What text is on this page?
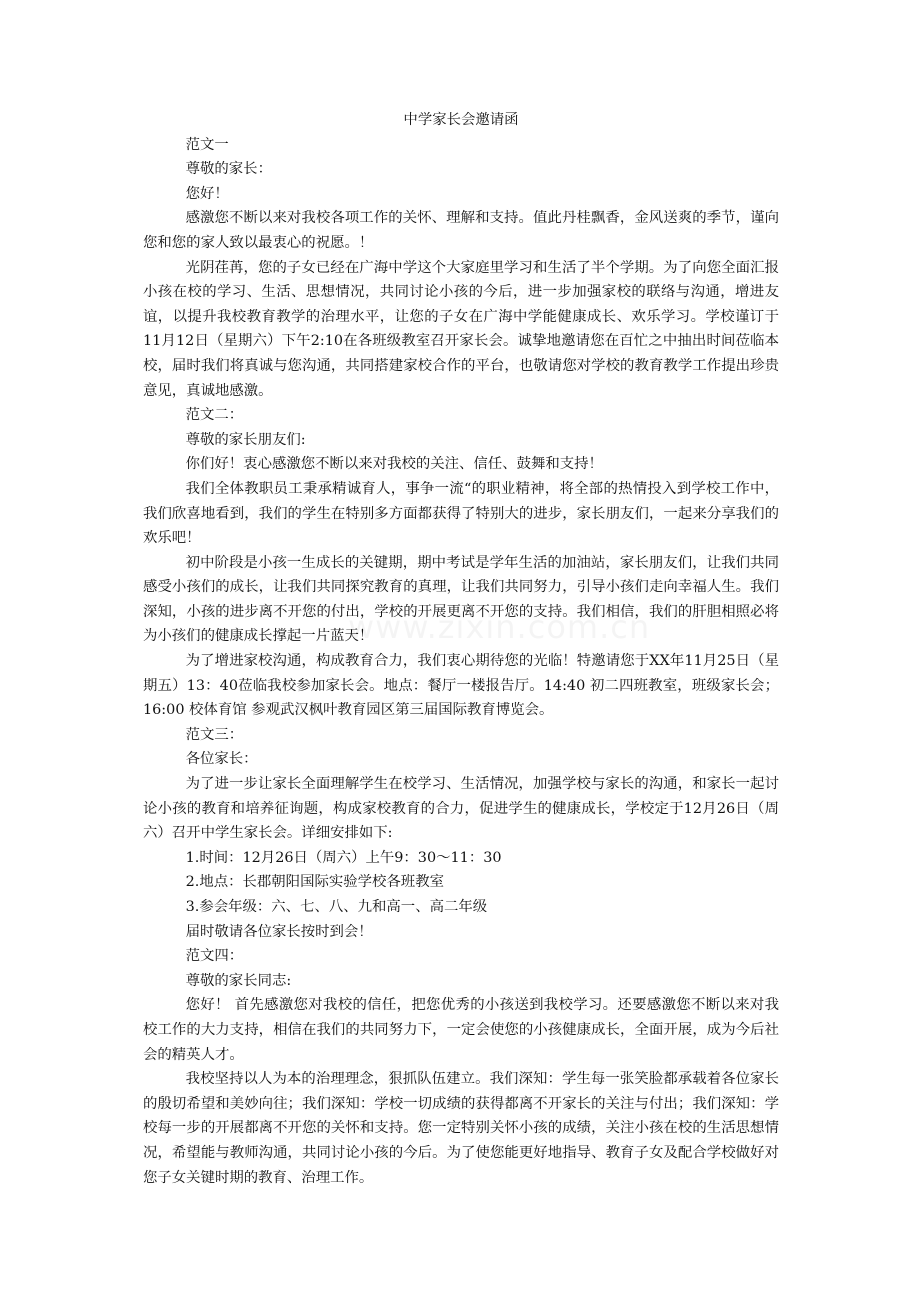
中学家长会邀请函

范文一

尊敬的家长：

您好！

感激您不断以来对我校各项工作的关怀、理解和支持。值此丹桂飘香，金风送爽的季节，谨向您和您的家人致以最衷心的祝愿。！

光阴荏苒，您的子女已经在广海中学这个大家庭里学习和生活了半个学期。为了向您全面汇报小孩在校的学习、生活、思想情况，共同讨论小孩的今后，进一步加强家校的联络与沟通，增进友谊，以提升我校教育教学的治理水平，让您的子女在广海中学能健康成长、欢乐学习。学校谨订于11月12日（星期六）下午2:10在各班级教室召开家长会。诚挚地邀请您在百忙之中抽出时间莅临本校，届时我们将真诚与您沟通，共同搭建家校合作的平台，也敬请您对学校的教育教学工作提出珍贵意见，真诚地感激。

范文二：

尊敬的家长朋友们:

你们好！衷心感激您不断以来对我校的关注、信任、鼓舞和支持！

我们全体教职员工秉承精诚育人，事争一流“的职业精神，将全部的热情投入到学校工作中，我们欣喜地看到，我们的学生在特别多方面都获得了特别大的进步，家长朋友们，一起来分享我们的欢乐吧！

初中阶段是小孩一生成长的关键期，期中考试是学年生活的加油站，家长朋友们，让我们共同感受小孩们的成长，让我们共同探究教育的真理，让我们共同努力，引导小孩们走向幸福人生。我们深知，小孩的进步离不开您的付出，学校的开展更离不开您的支持。我们相信，我们的肝胆相照必将为小孩们的健康成长撑起一片蓝天！

为了增进家校沟通，构成教育合力，我们衷心期待您的光临！特邀请您于XX年11月25日（星期五）13：40莅临我校参加家长会。地点：餐厅一楼报告厅。14:40 初二四班教室，班级家长会；16:00 校体育馆 参观武汉枫叶教育园区第三届国际教育博览会。

范文三：

各位家长：

为了进一步让家长全面理解学生在校学习、生活情况，加强学校与家长的沟通，和家长一起讨论小孩的教育和培养征询题，构成家校教育的合力，促进学生的健康成长，学校定于12月26日（周六）召开中学生家长会。详细安排如下:

1.时间：12月26日（周六）上午9：30～11：30

2.地点：长郡朝阳国际实验学校各班教室

3.参会年级：六、七、八、九和高一、高二年级

届时敬请各位家长按时到会！

范文四：

尊敬的家长同志:

您好！ 首先感激您对我校的信任，把您优秀的小孩送到我校学习。还要感激您不断以来对我校工作的大力支持，相信在我们的共同努力下，一定会使您的小孩健康成长，全面开展，成为今后社会的精英人才。

我校坚持以人为本的治理理念，狠抓队伍建立。我们深知：学生每一张笑脸都承载着各位家长的殷切希望和美妙向往；我们深知：学校一切成绩的获得都离不开家长的关注与付出；我们深知：学校每一步的开展都离不开您的关怀和支持。您一定特别关怀小孩的成绩，关注小孩在校的生活思想情况，希望能与教师沟通，共同讨论小孩的今后。为了使您能更好地指导、教育子女及配合学校做好对您子女关键时期的教育、治理工作。
